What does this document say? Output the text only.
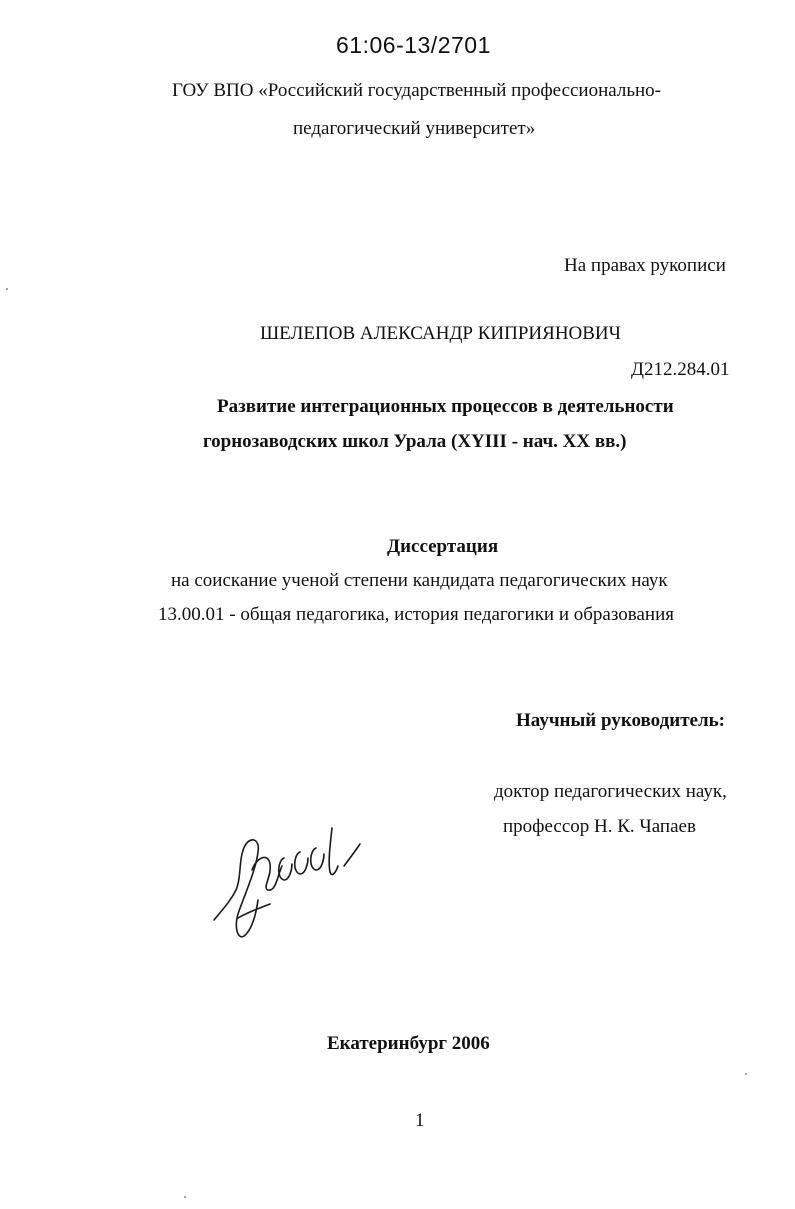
61:06-13/2701
ГОУ ВПО «Российский государственный профессионально-
педагогический университет»
На правах рукописи
ШЕЛЕПОВ АЛЕКСАНДР КИПРИЯНОВИЧ
Д212.284.01
Развитие интеграционных процессов в деятельности
горнозаводских школ Урала (XYIII - нач. XX вв.)
Диссертация
на соискание ученой степени кандидата педагогических наук
13.00.01 - общая педагогика, история педагогики и образования
Научный руководитель:
доктор педагогических наук,
профессор Н. К. Чапаев
Екатеринбург 2006
1
